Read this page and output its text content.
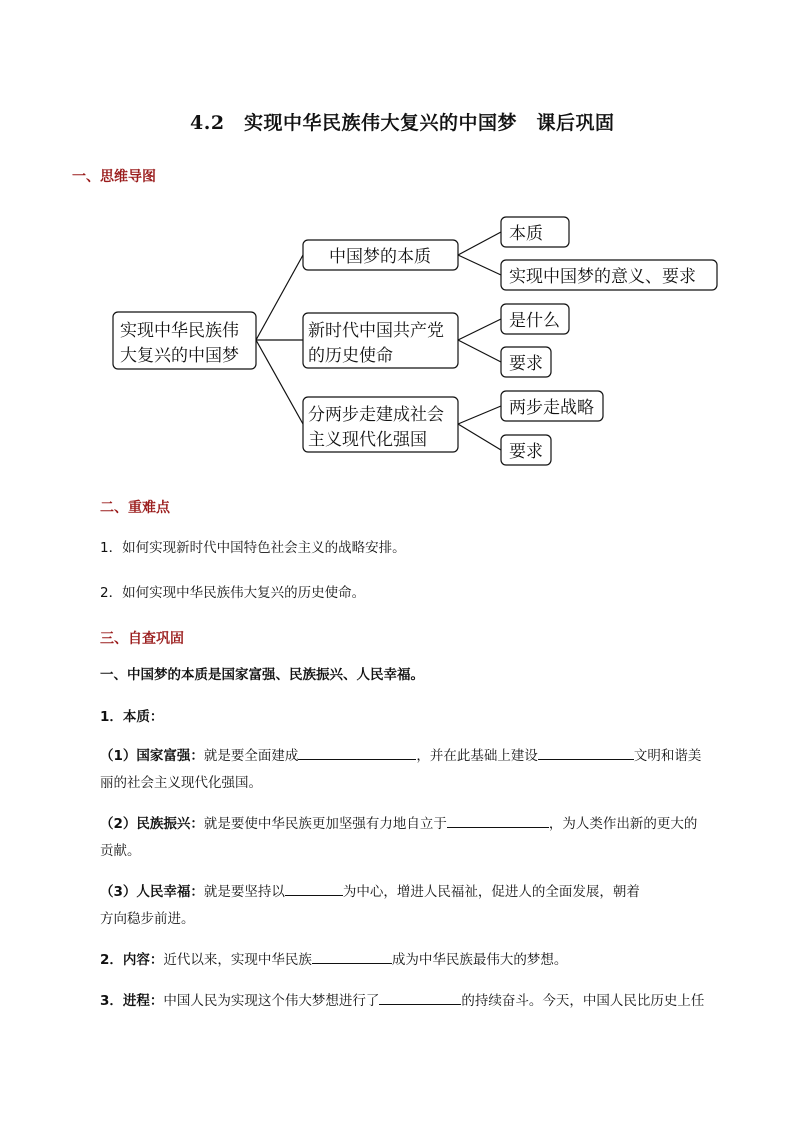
4.2　实现中华民族伟大复兴的中国梦　课后巩固
一、思维导图
实现中华民族伟
大复兴的中国梦
中国梦的本质
新时代中国共产党
的历史使命
分两步走建成社会
主义现代化强国
本质
实现中国梦的意义、要求
是什么
要求
两步走战略
要求
二、重难点
1．如何实现新时代中国特色社会主义的战略安排。
2．如何实现中华民族伟大复兴的历史使命。
三、自查巩固
一、中国梦的本质是国家富强、民族振兴、人民幸福。
1．本质：
（1）国家富强：就是要全面建成	，并在此基础上建设	文明和谐美
丽的社会主义现代化强国。
（2）民族振兴：就是要使中华民族更加坚强有力地自立于	，为人类作出新的更大的
贡献。
（3）人民幸福：就是要坚持以	为中心，增进人民福祉，促进人的全面发展，朝着
方向稳步前进。
2．内容：近代以来，实现中华民族	成为中华民族最伟大的梦想。
3．进程：中国人民为实现这个伟大梦想进行了	的持续奋斗。今天，中国人民比历史上任
